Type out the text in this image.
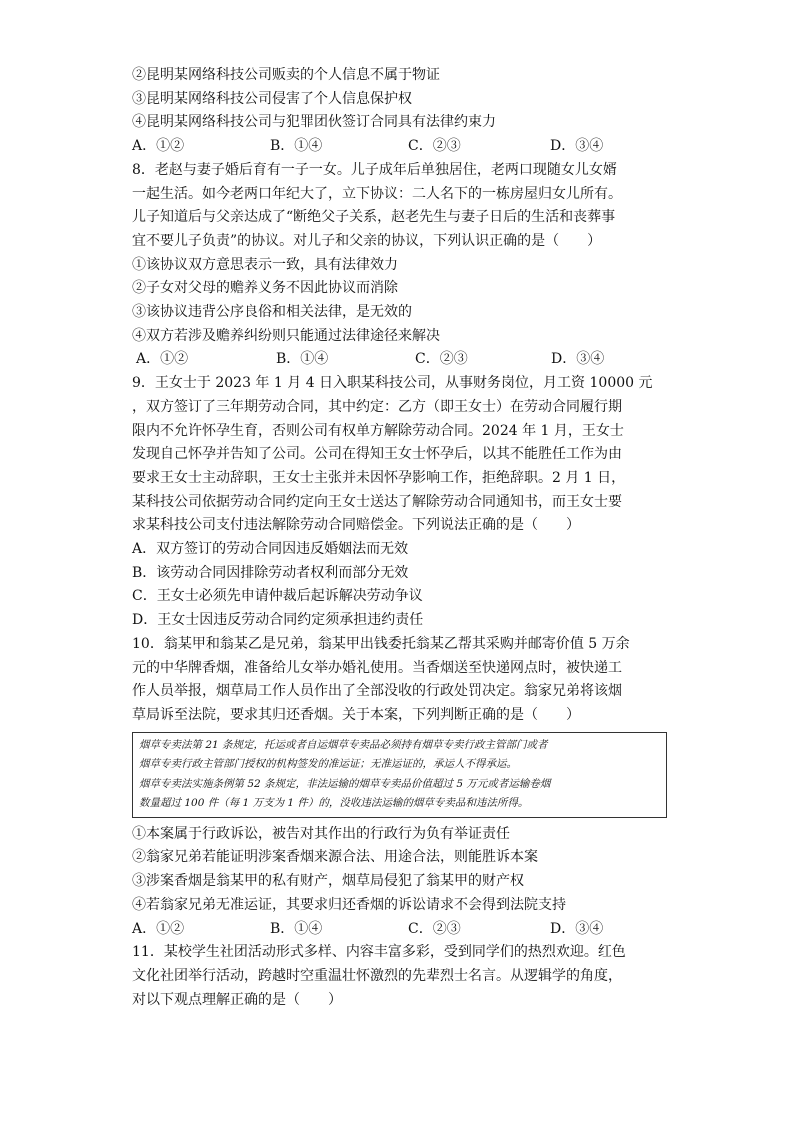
②昆明某网络科技公司贩卖的个人信息不属于物证
③昆明某网络科技公司侵害了个人信息保护权
④昆明某网络科技公司与犯罪团伙签订合同具有法律约束力
A．①②	B．①④	C．②③	D．③④
8．老赵与妻子婚后育有一子一女。儿子成年后单独居住，老两口现随女儿女婿
一起生活。如今老两口年纪大了，立下协议：二人名下的一栋房屋归女儿所有。
儿子知道后与父亲达成了“断绝父子关系，赵老先生与妻子日后的生活和丧葬事
宜不要儿子负责”的协议。对儿子和父亲的协议，下列认识正确的是（　　）
①该协议双方意思表示一致，具有法律效力
②子女对父母的赡养义务不因此协议而消除
③该协议违背公序良俗和相关法律，是无效的
④双方若涉及赡养纠纷则只能通过法律途径来解决
A．①②	B．①④	C．②③	D．③④
9．王女士于 2023 年 1 月 4 日入职某科技公司，从事财务岗位，月工资 10000 元
，双方签订了三年期劳动合同，其中约定：乙方（即王女士）在劳动合同履行期
限内不允许怀孕生育，否则公司有权单方解除劳动合同。2024 年 1 月，王女士
发现自己怀孕并告知了公司。公司在得知王女士怀孕后，以其不能胜任工作为由
要求王女士主动辞职，王女士主张并未因怀孕影响工作，拒绝辞职。2 月 1 日，
某科技公司依据劳动合同约定向王女士送达了解除劳动合同通知书，而王女士要
求某科技公司支付违法解除劳动合同赔偿金。下列说法正确的是（　　）
A．双方签订的劳动合同因违反婚姻法而无效
B．该劳动合同因排除劳动者权利而部分无效
C．王女士必须先申请仲裁后起诉解决劳动争议
D．王女士因违反劳动合同约定须承担违约责任
10．翁某甲和翁某乙是兄弟，翁某甲出钱委托翁某乙帮其采购并邮寄价值 5 万余
元的中华牌香烟，准备给儿女举办婚礼使用。当香烟送至快递网点时，被快递工
作人员举报，烟草局工作人员作出了全部没收的行政处罚决定。翁家兄弟将该烟
草局诉至法院，要求其归还香烟。关于本案，下列判断正确的是（　　）
烟草专卖法第 21 条规定，托运或者自运烟草专卖品必须持有烟草专卖行政主管部门或者
烟草专卖行政主管部门授权的机构签发的准运证；无准运证的，承运人不得承运。
烟草专卖法实施条例第 52 条规定，非法运输的烟草专卖品价值超过 5 万元或者运输卷烟
数量超过 100 件（每 1 万支为 1 件）的，没收违法运输的烟草专卖品和违法所得。
①本案属于行政诉讼，被告对其作出的行政行为负有举证责任
②翁家兄弟若能证明涉案香烟来源合法、用途合法，则能胜诉本案
③涉案香烟是翁某甲的私有财产，烟草局侵犯了翁某甲的财产权
④若翁家兄弟无准运证，其要求归还香烟的诉讼请求不会得到法院支持
A．①②	B．①④	C．②③	D．③④
11．某校学生社团活动形式多样、内容丰富多彩，受到同学们的热烈欢迎。红色
文化社团举行活动，跨越时空重温壮怀激烈的先辈烈士名言。从逻辑学的角度，
对以下观点理解正确的是（　　）
